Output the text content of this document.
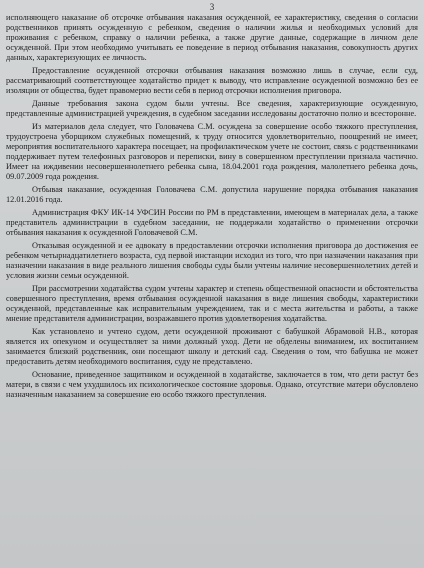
3

исполняющего наказание об отсрочке отбывания наказания осужденной, ее характеристику, сведения о согласии родственников принять осужденную с ребенком, сведения о наличии жилья и необходимых условий для проживания с ребенком, справку о наличии ребенка, а также другие данные, содержащие в личном деле осужденной. При этом необходимо учитывать ее поведение в период отбывания наказания, совокупность других данных, характеризующих ее личность.

Предоставление осужденной отсрочки отбывания наказания возможно лишь в случае, если суд, рассматривающий соответствующее ходатайство придет к выводу, что исправление осужденной возможно без ее изоляции от общества, будет правомерно вести себя в период отсрочки исполнения приговора.

Данные требования закона судом были учтены. Все сведения, характеризующие осужденную, представленные администрацией учреждения, в судебном заседании исследованы достаточно полно и всесторонне.

Из материалов дела следует, что Головачева С.М. осуждена за совершение особо тяжкого преступления, трудоустроена уборщиком служебных помещений, к труду относится удовлетворительно, поощрений не имеет, мероприятия воспитательного характера посещает, на профилактическом учете не состоит, связь с родственниками поддерживает путем телефонных разговоров и переписки, вину в совершенном преступлении признала частично. Имеет на иждивении несовершеннолетнего ребенка сына, 18.04.2001 года рождения, малолетнего ребенка дочь, 09.07.2009 года рождения.

Отбывая наказание, осужденная Головачева С.М. допустила нарушение порядка отбывания наказания 12.01.2016 года.

Администрация ФКУ ИК-14 УФСИН России по РМ в представлении, имеющем в материалах дела, а также представитель администрации в судебном заседании, не поддержали ходатайство о применении отсрочки отбывания наказания к осужденной Головачевой С.М.

Отказывая осужденной и ее адвокату в предоставлении отсрочки исполнения приговора до достижения ее ребенком четырнадцатилетнего возраста, суд первой инстанции исходил из того, что при назначении наказания при назначении наказания в виде реального лишения свободы суды были учтены наличие несовершеннолетних детей и условия жизни семьи осужденной.

При рассмотрении ходатайства судом учтены характер и степень общественной опасности и обстоятельства совершенного преступления, время отбывания осужденной наказания в виде лишения свободы, характеристики осужденной, представленные как исправительным учреждением, так и с места жительства и работы, а также мнение представителя администрации, возражавшего против удовлетворения ходатайства.

Как установлено и учтено судом, дети осужденной проживают с бабушкой Абрамовой Н.В., которая является их опекуном и осуществляет за ними должный уход. Дети не обделены вниманием, их воспитанием занимается близкий родственник, они посещают школу и детский сад. Сведения о том, что бабушка не может предоставить детям необходимого воспитания, суду не представлено.

Основание, приведенное защитником и осужденной в ходатайстве, заключается в том, что дети растут без матери, в связи с чем ухудшилось их психологическое состояние здоровья. Однако, отсутствие матери обусловлено назначенным наказанием за совершение ею особо тяжкого преступления.
